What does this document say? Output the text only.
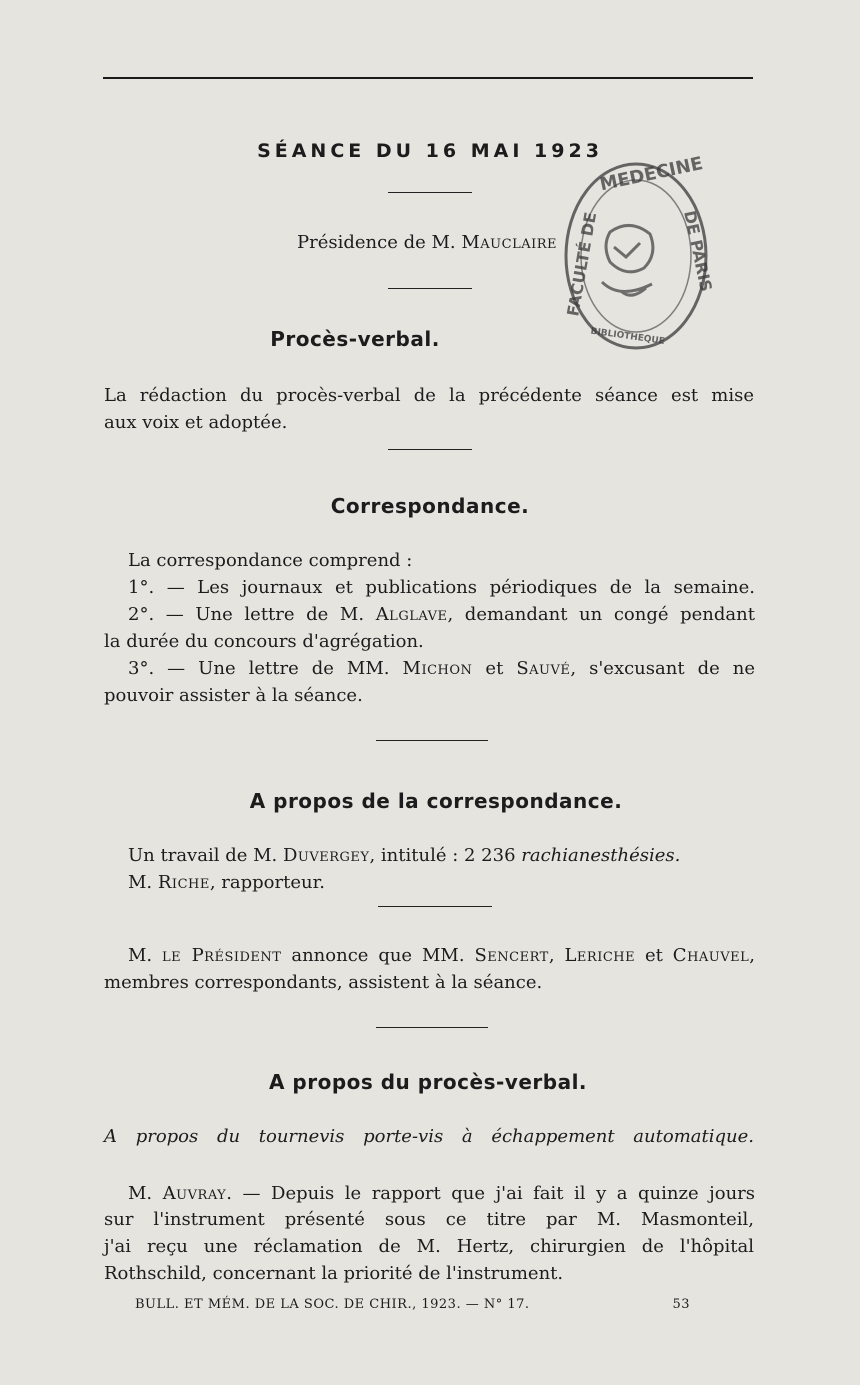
SÉANCE DU 16 MAI 1923
Présidence de M. Mauclaire
Procès-verbal.
MEDECINE
FACULTÉ DE	DE PARIS
BIBLIOTHEQUE
La rédaction du procès-verbal de la précédente séance est mise
aux voix et adoptée.
Correspondance.
La correspondance comprend :
1°. — Les journaux et publications périodiques de la semaine.
2°. — Une lettre de M. Alglave, demandant un congé pendant
la durée du concours d'agrégation.
3°. — Une lettre de MM. Michon et Sauvé, s'excusant de ne
pouvoir assister à la séance.
A propos de la correspondance.
Un travail de M. Duvergey, intitulé : 2 236 rachianesthésies.
M. Riche, rapporteur.
M. le Président annonce que MM. Sencert, Leriche et Chauvel,
membres correspondants, assistent à la séance.
A propos du procès-verbal.
A propos du tournevis porte-vis à échappement automatique.
M. Auvray. — Depuis le rapport que j'ai fait il y a quinze jours
sur l'instrument présenté sous ce titre par M. Masmonteil,
j'ai reçu une réclamation de M. Hertz, chirurgien de l'hôpital
Rothschild, concernant la priorité de l'instrument.
BULL. ET MÉM. DE LA SOC. DE CHIR., 1923. — N° 17.	53
